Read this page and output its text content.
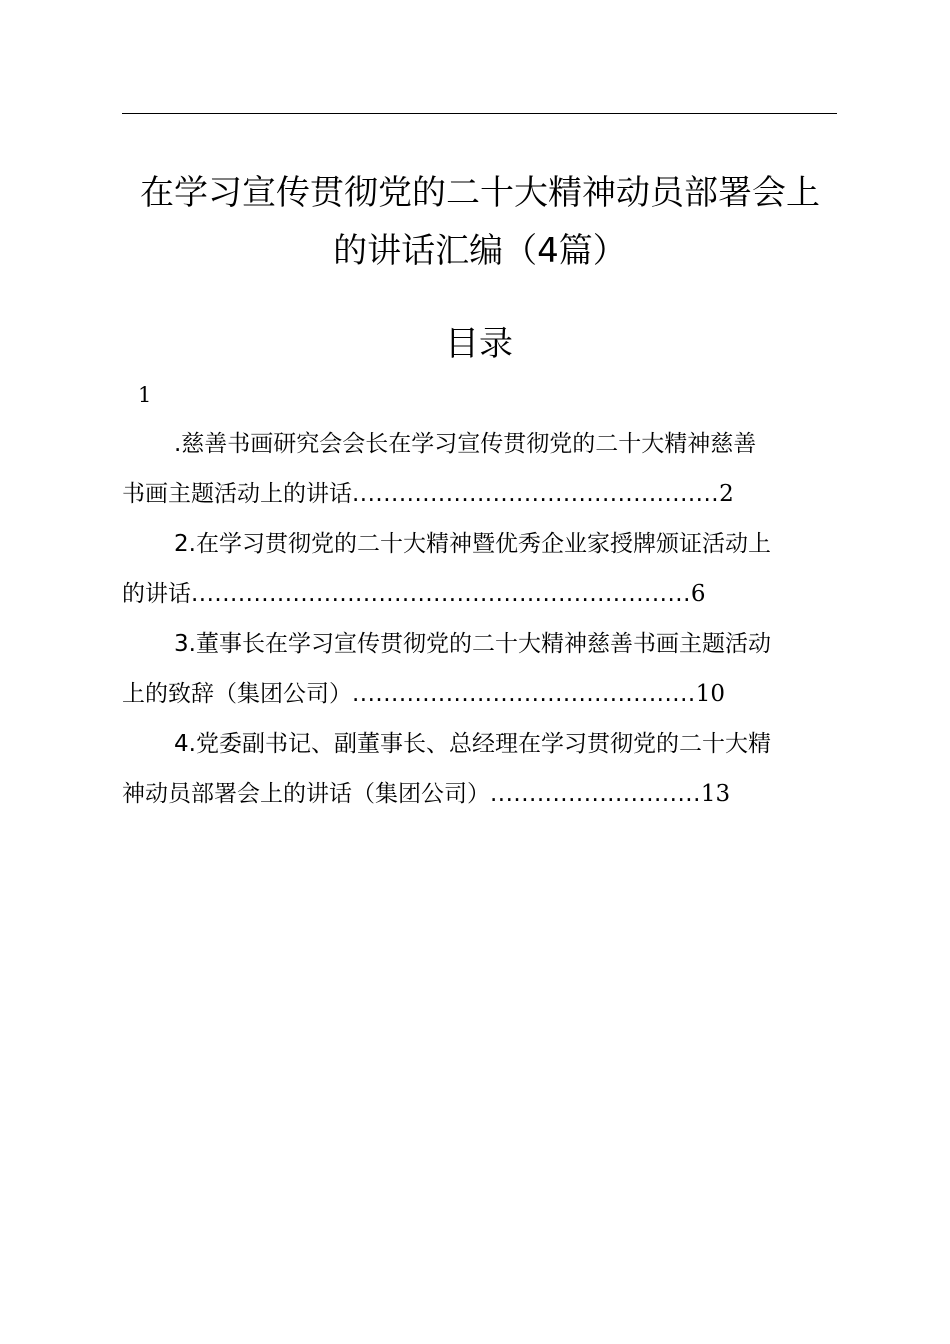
在学习宣传贯彻党的二十大精神动员部署会上
的讲话汇编（4篇）
目录
1

.慈善书画研究会会长在学习宣传贯彻党的二十大精神慈善
书画主题活动上的讲话...............................................2

2.在学习贯彻党的二十大精神暨优秀企业家授牌颁证活动上
的讲话................................................................6

3.董事长在学习宣传贯彻党的二十大精神慈善书画主题活动
上的致辞（集团公司）............................................10

4.党委副书记、副董事长、总经理在学习贯彻党的二十大精
神动员部署会上的讲话（集团公司）...........................13
